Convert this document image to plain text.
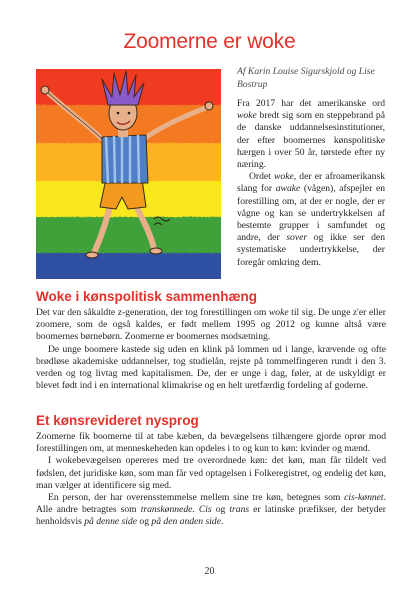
Zoomerne er woke
Af Karin Louise Sigurskjold og Lise Bostrup

Fra 2017 har det amerikanske ord woke bredt sig som en steppebrand på de danske uddannelsesinstitutioner, der efter boomernes kønspolitiske hærgen i over 50 år, tørstede efter ny næring.

Ordet woke, der er afroamerikansk slang for awake (vågen), afspejler en forestilling om, at der er nogle, der er vågne og kan se undertrykkelsen af bestemte grupper i samfundet og andre, der sover og ikke ser den systematiske undertrykkelse, der foregår omkring dem.

Woke i kønspolitisk sammenhæng

Det var den såkaldte z-generation, der tog forestillingen om woke til sig. De unge z'er eller zoomere, som de også kaldes, er født mellem 1995 og 2012 og kunne altså være boomernes børnebørn. Zoomerne er boomernes modsætning.

De unge boomere kastede sig uden en klink på lommen ud i lange, krævende og ofte brødløse akademiske uddannelser, tog studielån, rejste på tommelfingeren rundt i den 3. verden og tog livtag med kapitalismen. De, der er unge i dag, føler, at de uskyldigt er blevet født ind i en international klimakrise og en helt uretfærdig fordeling af goderne.

Et kønsrevideret nysprog

Zoomerne fik boomerne til at tabe kæben, da bevægelsens tilhængere gjorde oprør mod forestillingen om, at menneskeheden kan opdeles i to og kun to køn: kvinder og mænd.

I wokebevægelsen opereres med tre overordnede køn: det køn, man får tildelt ved fødslen, det juridiske køn, som man får ved optagelsen i Folkeregistret, og endelig det køn, man vælger at identificere sig med.

En person, der har overensstemmelse mellem sine tre køn, betegnes som cis-kønnet. Alle andre betragtes som transkønnede. Cis og trans er latinske præfikser, der betyder henholdsvis på denne side og på den anden side.

20
